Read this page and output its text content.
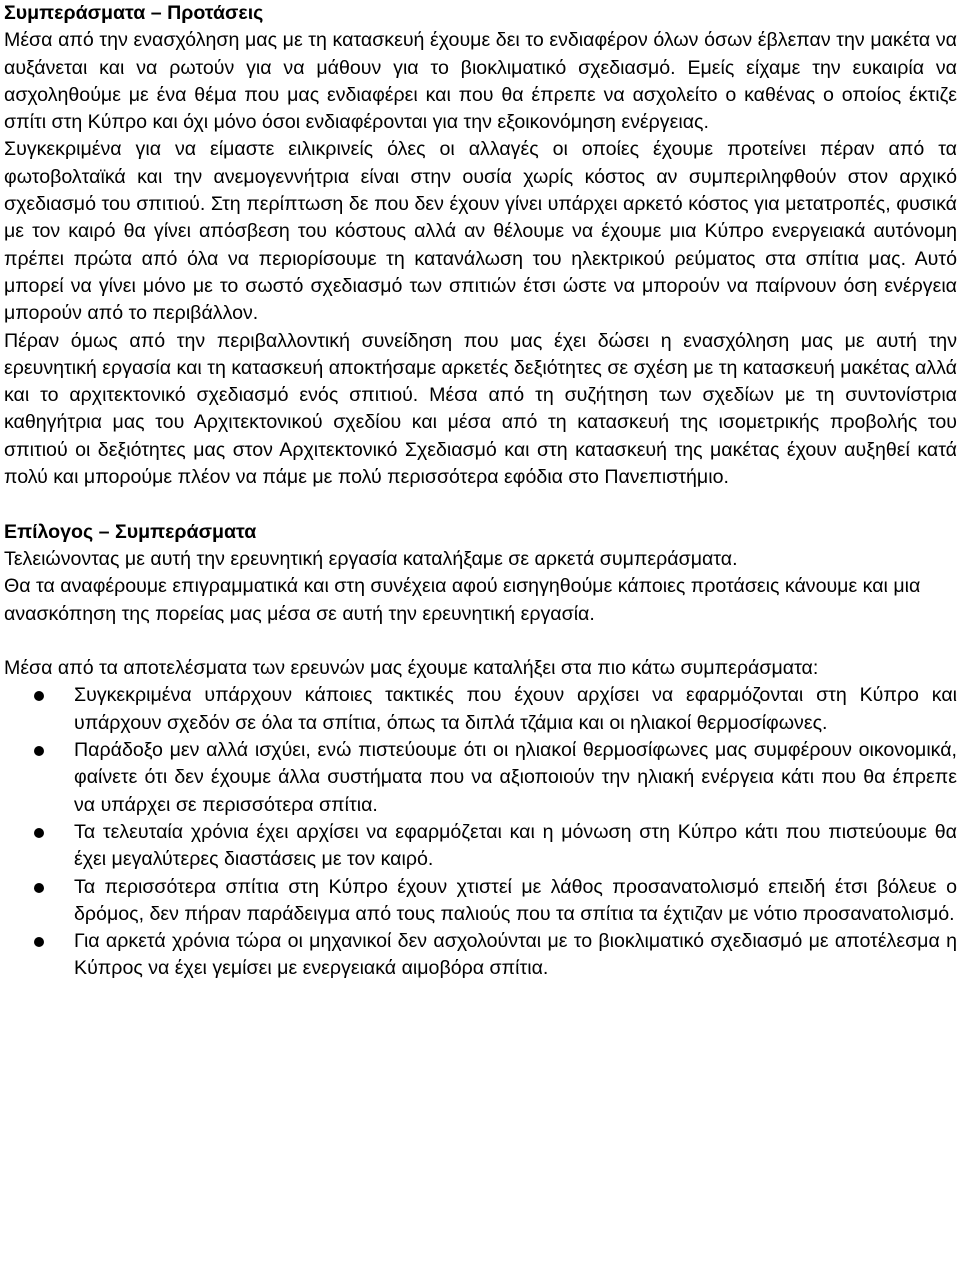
Συμπεράσματα – Προτάσεις

Μέσα από την ενασχόληση μας με τη κατασκευή έχουμε δει το ενδιαφέρον όλων όσων έβλεπαν την μακέτα να αυξάνεται και να ρωτούν για να μάθουν για το βιοκλιματικό σχεδιασμό. Εμείς είχαμε την ευκαιρία να ασχοληθούμε με ένα θέμα που μας ενδιαφέρει και που θα έπρεπε να ασχολείτο ο καθένας ο οποίος έκτιζε σπίτι στη Κύπρο και όχι μόνο όσοι ενδιαφέρονται για την εξοικονόμηση ενέργειας.

Συγκεκριμένα για να είμαστε ειλικρινείς όλες οι αλλαγές οι οποίες έχουμε προτείνει πέραν από τα φωτοβολταϊκά και την ανεμογεννήτρια είναι στην ουσία χωρίς κόστος αν συμπεριληφθούν στον αρχικό σχεδιασμό του σπιτιού. Στη περίπτωση δε που δεν έχουν γίνει υπάρχει αρκετό κόστος για μετατροπές, φυσικά με τον καιρό θα γίνει απόσβεση του κόστους αλλά αν θέλουμε να έχουμε μια Κύπρο ενεργειακά αυτόνομη πρέπει πρώτα από όλα να περιορίσουμε τη κατανάλωση του ηλεκτρικού ρεύματος στα σπίτια μας. Αυτό μπορεί να γίνει μόνο με το σωστό σχεδιασμό των σπιτιών έτσι ώστε να μπορούν να παίρνουν όση ενέργεια μπορούν από το περιβάλλον.

Πέραν όμως από την περιβαλλοντική συνείδηση που μας έχει δώσει η ενασχόληση μας με αυτή την ερευνητική εργασία και τη κατασκευή αποκτήσαμε αρκετές δεξιότητες σε σχέση με τη κατασκευή μακέτας αλλά και το αρχιτεκτονικό σχεδιασμό ενός σπιτιού. Μέσα από τη συζήτηση των σχεδίων με τη συντονίστρια καθηγήτρια μας του Αρχιτεκτονικού σχεδίου και μέσα από τη κατασκευή της ισομετρικής προβολής του σπιτιού οι δεξιότητες μας στον Αρχιτεκτονικό Σχεδιασμό και στη κατασκευή της μακέτας έχουν αυξηθεί κατά πολύ και μπορούμε πλέον να πάμε με πολύ περισσότερα εφόδια στο Πανεπιστήμιο.

Επίλογος – Συμπεράσματα

Τελειώνοντας με αυτή την ερευνητική εργασία καταλήξαμε σε αρκετά συμπεράσματα.

Θα τα αναφέρουμε επιγραμματικά και στη συνέχεια αφού εισηγηθούμε κάποιες προτάσεις κάνουμε και μια ανασκόπηση της πορείας μας μέσα σε αυτή την ερευνητική εργασία.

Μέσα από τα αποτελέσματα των ερευνών μας έχουμε καταλήξει στα πιο κάτω συμπεράσματα:

Συγκεκριμένα υπάρχουν κάποιες τακτικές που έχουν αρχίσει να εφαρμόζονται στη Κύπρο και υπάρχουν σχεδόν σε όλα τα σπίτια, όπως τα διπλά τζάμια και οι ηλιακοί θερμοσίφωνες.
Παράδοξο μεν αλλά ισχύει, ενώ πιστεύουμε ότι οι ηλιακοί θερμοσίφωνες μας συμφέρουν οικονομικά, φαίνετε ότι δεν έχουμε άλλα συστήματα που να αξιοποιούν την ηλιακή ενέργεια κάτι που θα έπρεπε να υπάρχει σε περισσότερα σπίτια.
Τα τελευταία χρόνια έχει αρχίσει να εφαρμόζεται και η μόνωση στη Κύπρο κάτι που πιστεύουμε θα έχει μεγαλύτερες διαστάσεις με τον καιρό.
Τα περισσότερα σπίτια στη Κύπρο έχουν χτιστεί με λάθος προσανατολισμό επειδή έτσι βόλευε ο δρόμος, δεν πήραν παράδειγμα από τους παλιούς που τα σπίτια τα έχτιζαν με νότιο προσανατολισμό.
Για αρκετά χρόνια τώρα οι μηχανικοί δεν ασχολούνται με το βιοκλιματικό σχεδιασμό με αποτέλεσμα η Κύπρος να έχει γεμίσει με ενεργειακά αιμοβόρα σπίτια.
